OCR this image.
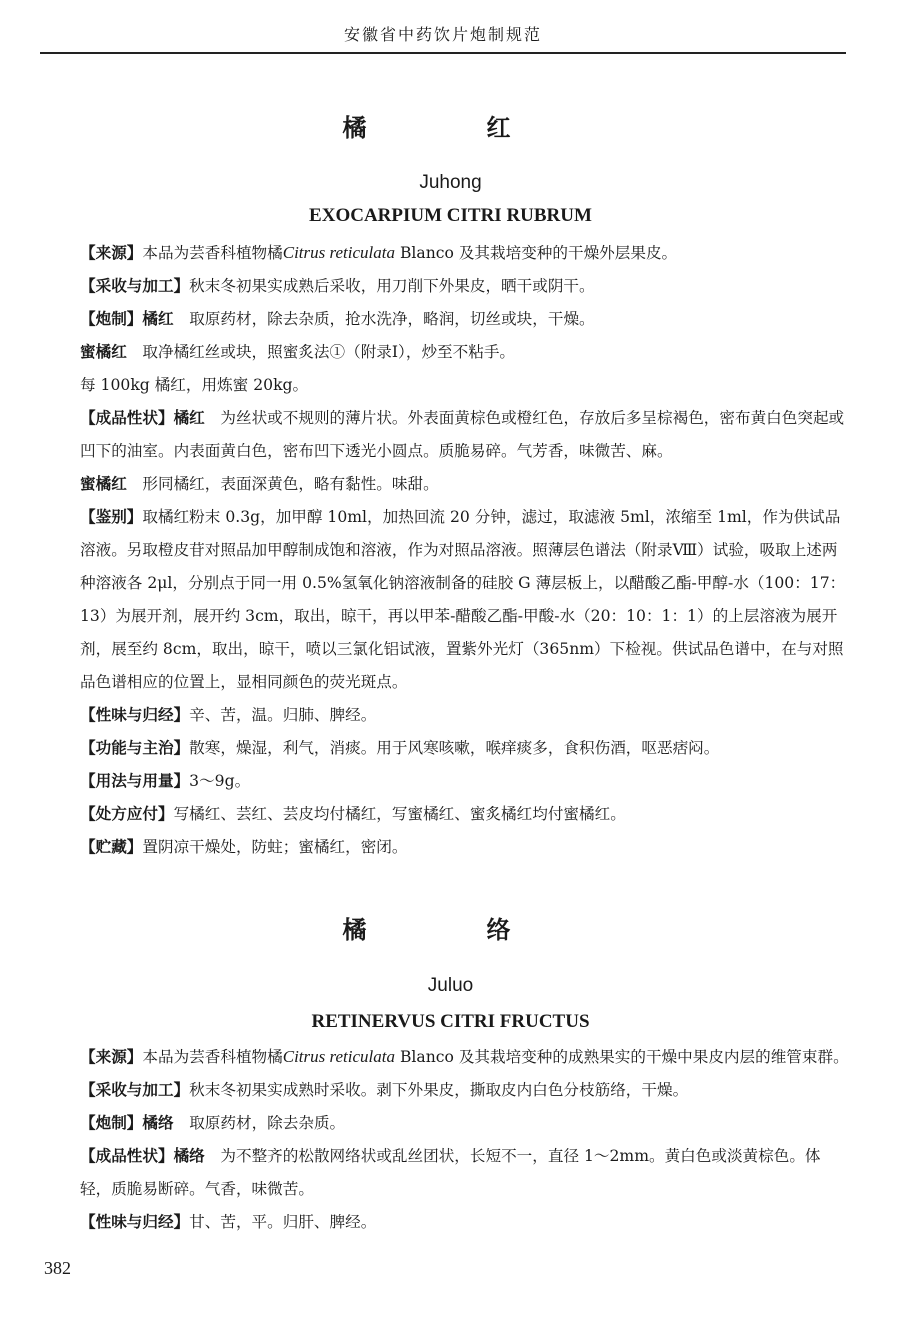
安徽省中药饮片炮制规范
橘　红
Juhong
EXOCARPIUM CITRI RUBRUM

【来源】本品为芸香科植物橘Citrus reticulata Blanco 及其栽培变种的干燥外层果皮。

【采收与加工】秋末冬初果实成熟后采收，用刀削下外果皮，晒干或阴干。

【炮制】橘红　取原药材，除去杂质，抢水洗净，略润，切丝或块，干燥。

蜜橘红　取净橘红丝或块，照蜜炙法①（附录Ⅰ），炒至不粘手。

每 100kg 橘红，用炼蜜 20kg。

【成品性状】橘红　为丝状或不规则的薄片状。外表面黄棕色或橙红色，存放后多呈棕褐色，密布黄白色突起或凹下的油室。内表面黄白色，密布凹下透光小圆点。质脆易碎。气芳香，味微苦、麻。

蜜橘红　形同橘红，表面深黄色，略有黏性。味甜。

【鉴别】取橘红粉末 0.3g，加甲醇 10ml，加热回流 20 分钟，滤过，取滤液 5ml，浓缩至 1ml，作为供试品溶液。另取橙皮苷对照品加甲醇制成饱和溶液，作为对照品溶液。照薄层色谱法（附录Ⅷ）试验，吸取上述两种溶液各 2μl，分别点于同一用 0.5%氢氧化钠溶液制备的硅胶 G 薄层板上，以醋酸乙酯-甲醇-水（100：17：13）为展开剂，展开约 3cm，取出，晾干，再以甲苯-醋酸乙酯-甲酸-水（20：10：1：1）的上层溶液为展开剂，展至约 8cm，取出，晾干，喷以三氯化铝试液，置紫外光灯（365nm）下检视。供试品色谱中，在与对照品色谱相应的位置上，显相同颜色的荧光斑点。

【性味与归经】辛、苦，温。归肺、脾经。

【功能与主治】散寒，燥湿，利气，消痰。用于风寒咳嗽，喉痒痰多，食积伤酒，呕恶痞闷。

【用法与用量】3～9g。

【处方应付】写橘红、芸红、芸皮均付橘红，写蜜橘红、蜜炙橘红均付蜜橘红。

【贮藏】置阴凉干燥处，防蛀；蜜橘红，密闭。

橘　络
Juluo
RETINERVUS CITRI FRUCTUS

【来源】本品为芸香科植物橘Citrus reticulata Blanco 及其栽培变种的成熟果实的干燥中果皮内层的维管束群。

【采收与加工】秋末冬初果实成熟时采收。剥下外果皮，撕取皮内白色分枝筋络，干燥。

【炮制】橘络　取原药材，除去杂质。

【成品性状】橘络　为不整齐的松散网络状或乱丝团状，长短不一，直径 1～2mm。黄白色或淡黄棕色。体轻，质脆易断碎。气香，味微苦。

【性味与归经】甘、苦，平。归肝、脾经。

382
